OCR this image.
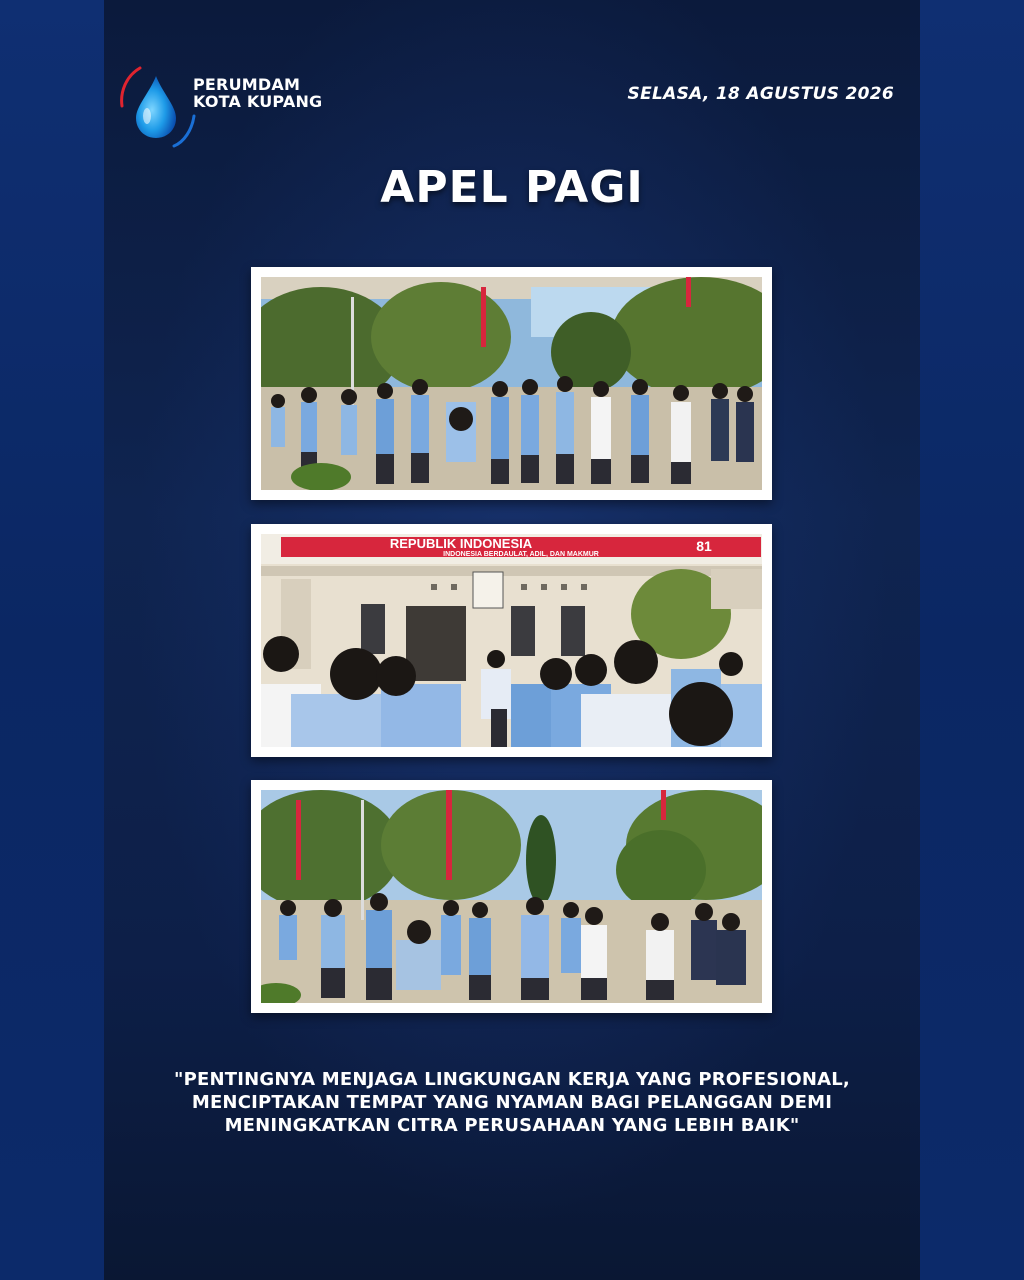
PERUMDAM
KOTA KUPANG	SELASA, 18 AGUSTUS 2026
APEL PAGI
REPUBLIK INDONESIA
INDONESIA BERDAULAT, ADIL, DAN MAKMUR
81
"PENTINGNYA MENJAGA LINGKUNGAN KERJA YANG PROFESIONAL, MENCIPTAKAN TEMPAT YANG NYAMAN BAGI PELANGGAN DEMI MENINGKATKAN CITRA PERUSAHAAN YANG LEBIH BAIK"
